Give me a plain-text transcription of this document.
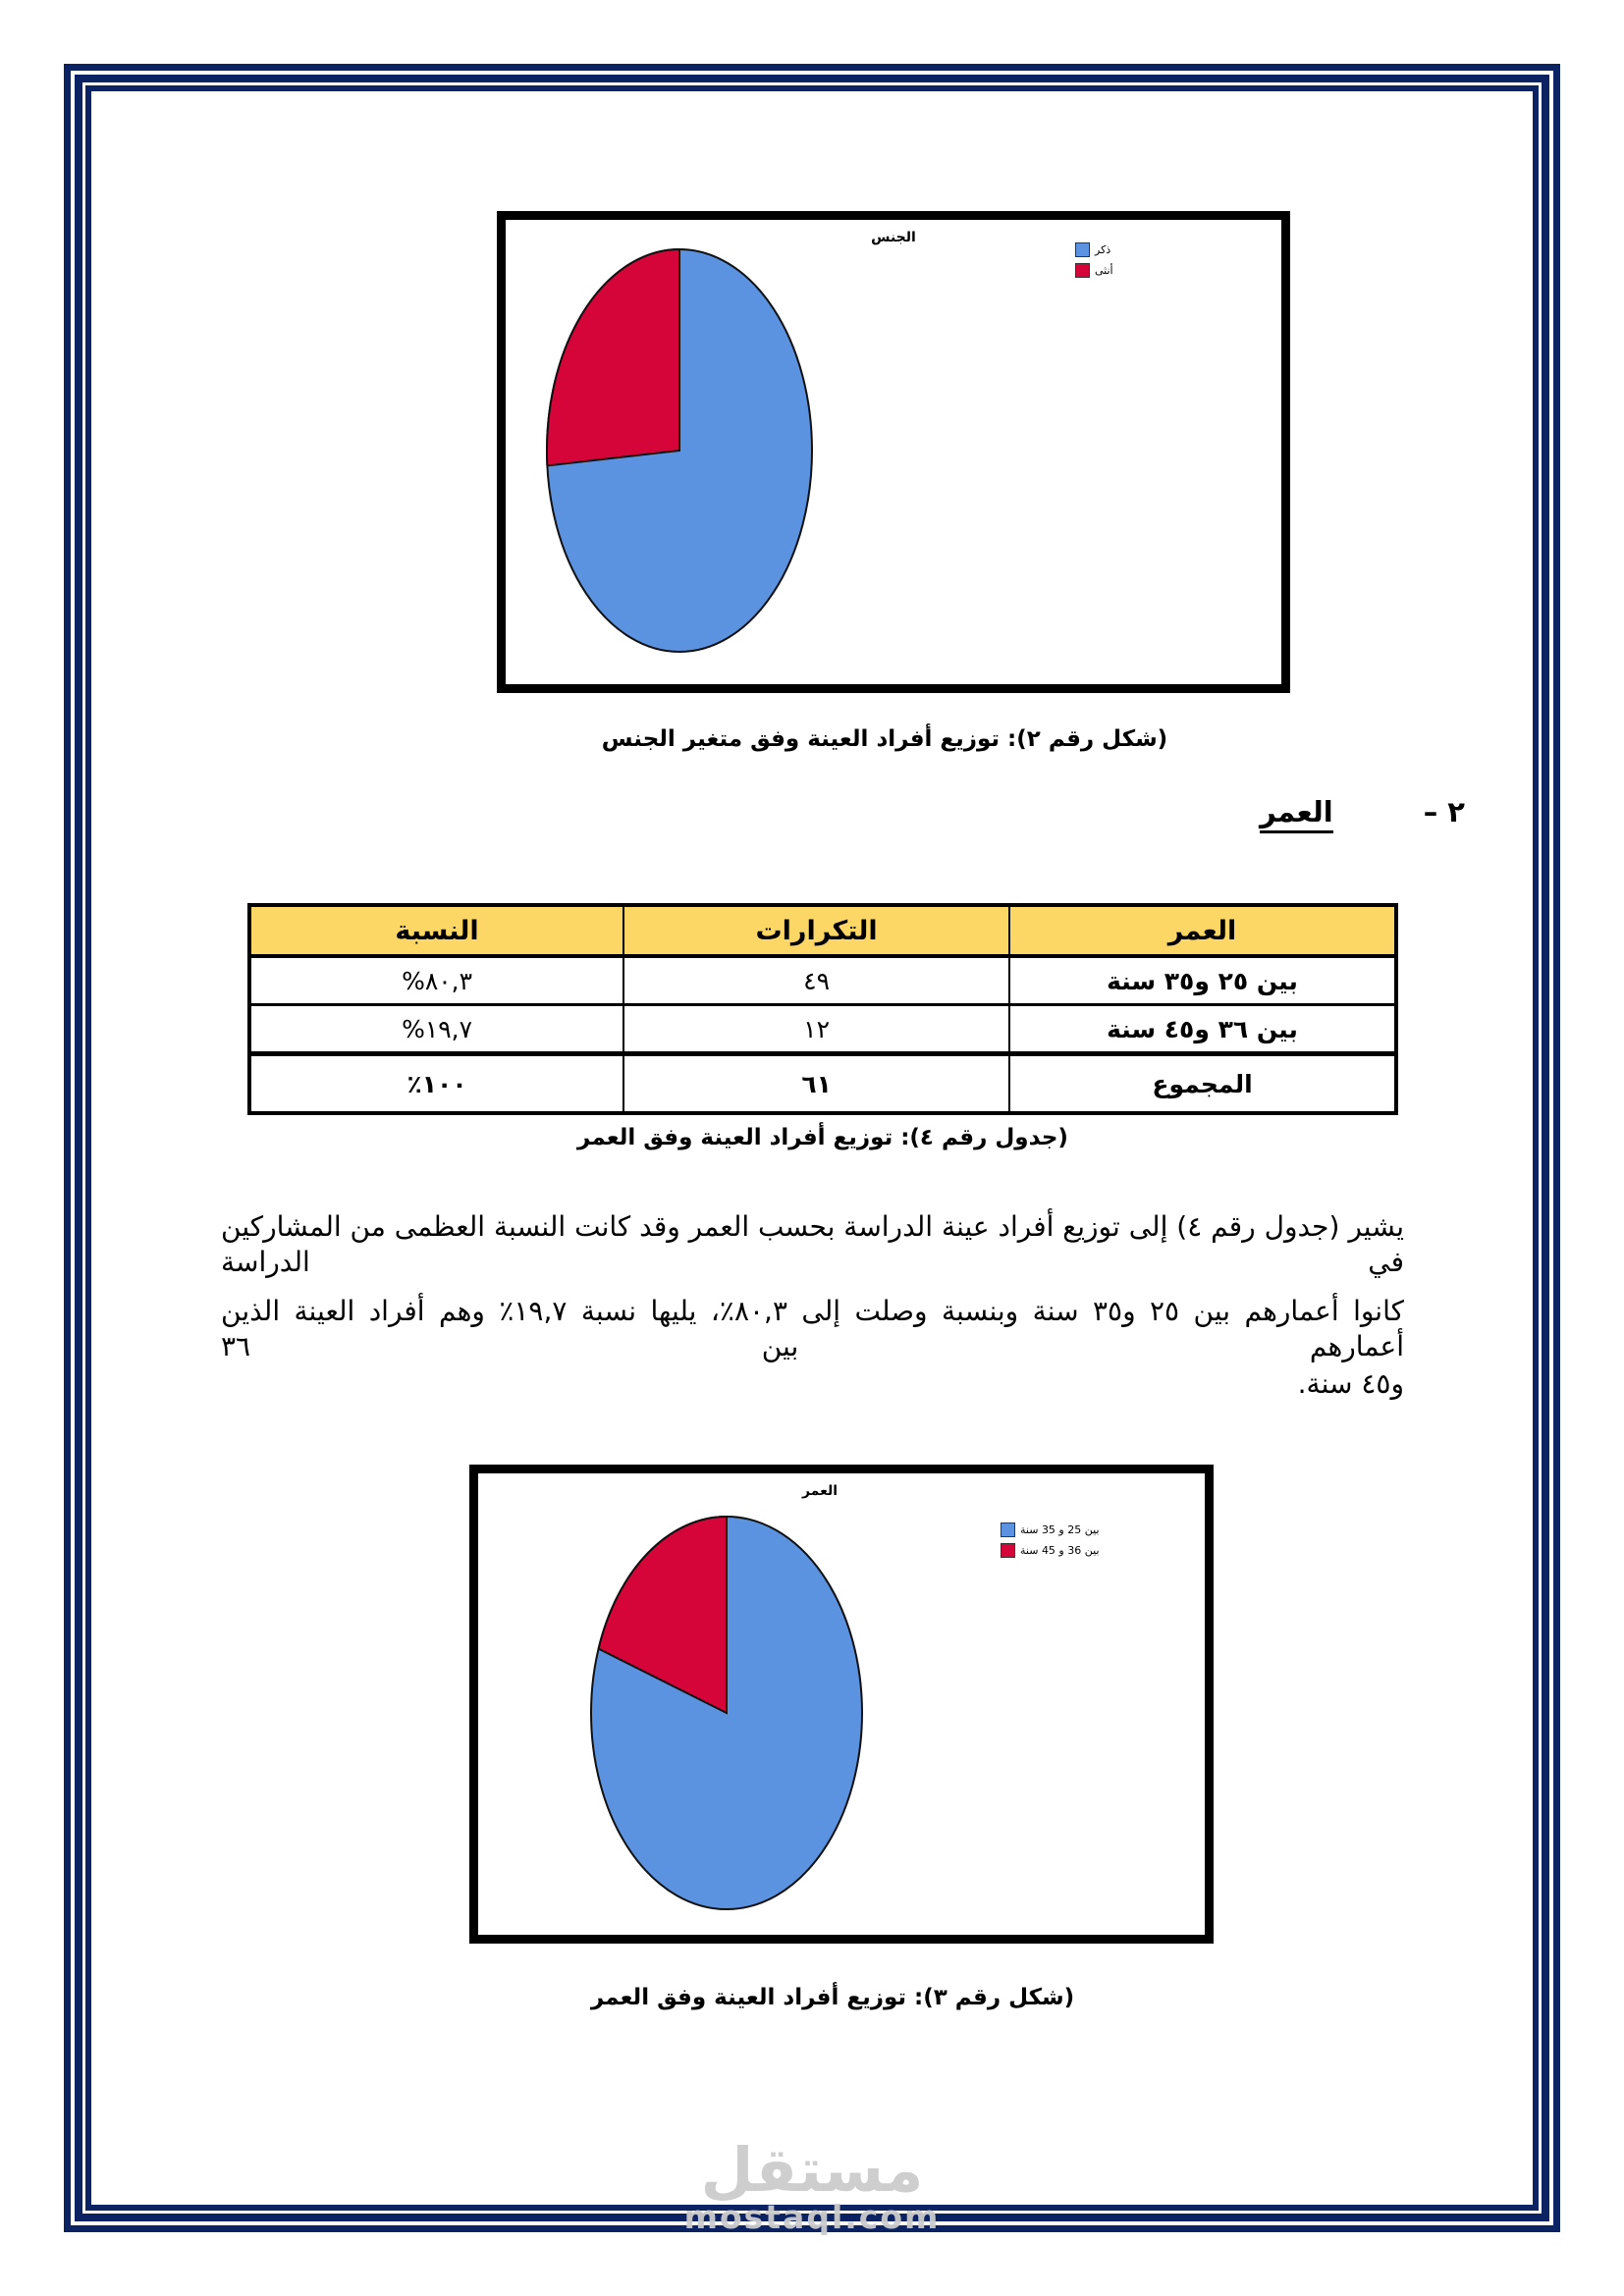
الجنس
ذكر
أنثى
(شكل رقم ٢): توزيع أفراد العينة وفق متغير الجنس
٢ –
العمر
العمر	التكرارات	النسبة
بين ٢٥ و٣٥ سنة	٤٩	%٨٠,٣
بين ٣٦ و٤٥ سنة	١٢	%١٩,٧
المجموع	٦١	٪١٠٠
(جدول رقم ٤): توزيع أفراد العينة وفق العمر
يشير (جدول رقم ٤) إلى توزيع أفراد عينة الدراسة بحسب العمر وقد كانت النسبة العظمى من المشاركين في الدراسة
كانوا أعمارهم بين ٢٥ و٣٥ سنة وبنسبة وصلت إلى ٨٠,٣٪، يليها نسبة ١٩,٧٪ وهم أفراد العينة الذين أعمارهم بين ٣٦
و٤٥ سنة.
العمر
بين 25 و 35 سنة
بين 36 و 45 سنة
(شكل رقم ٣): توزيع أفراد العينة وفق العمر
مستقل
mostaql.com
